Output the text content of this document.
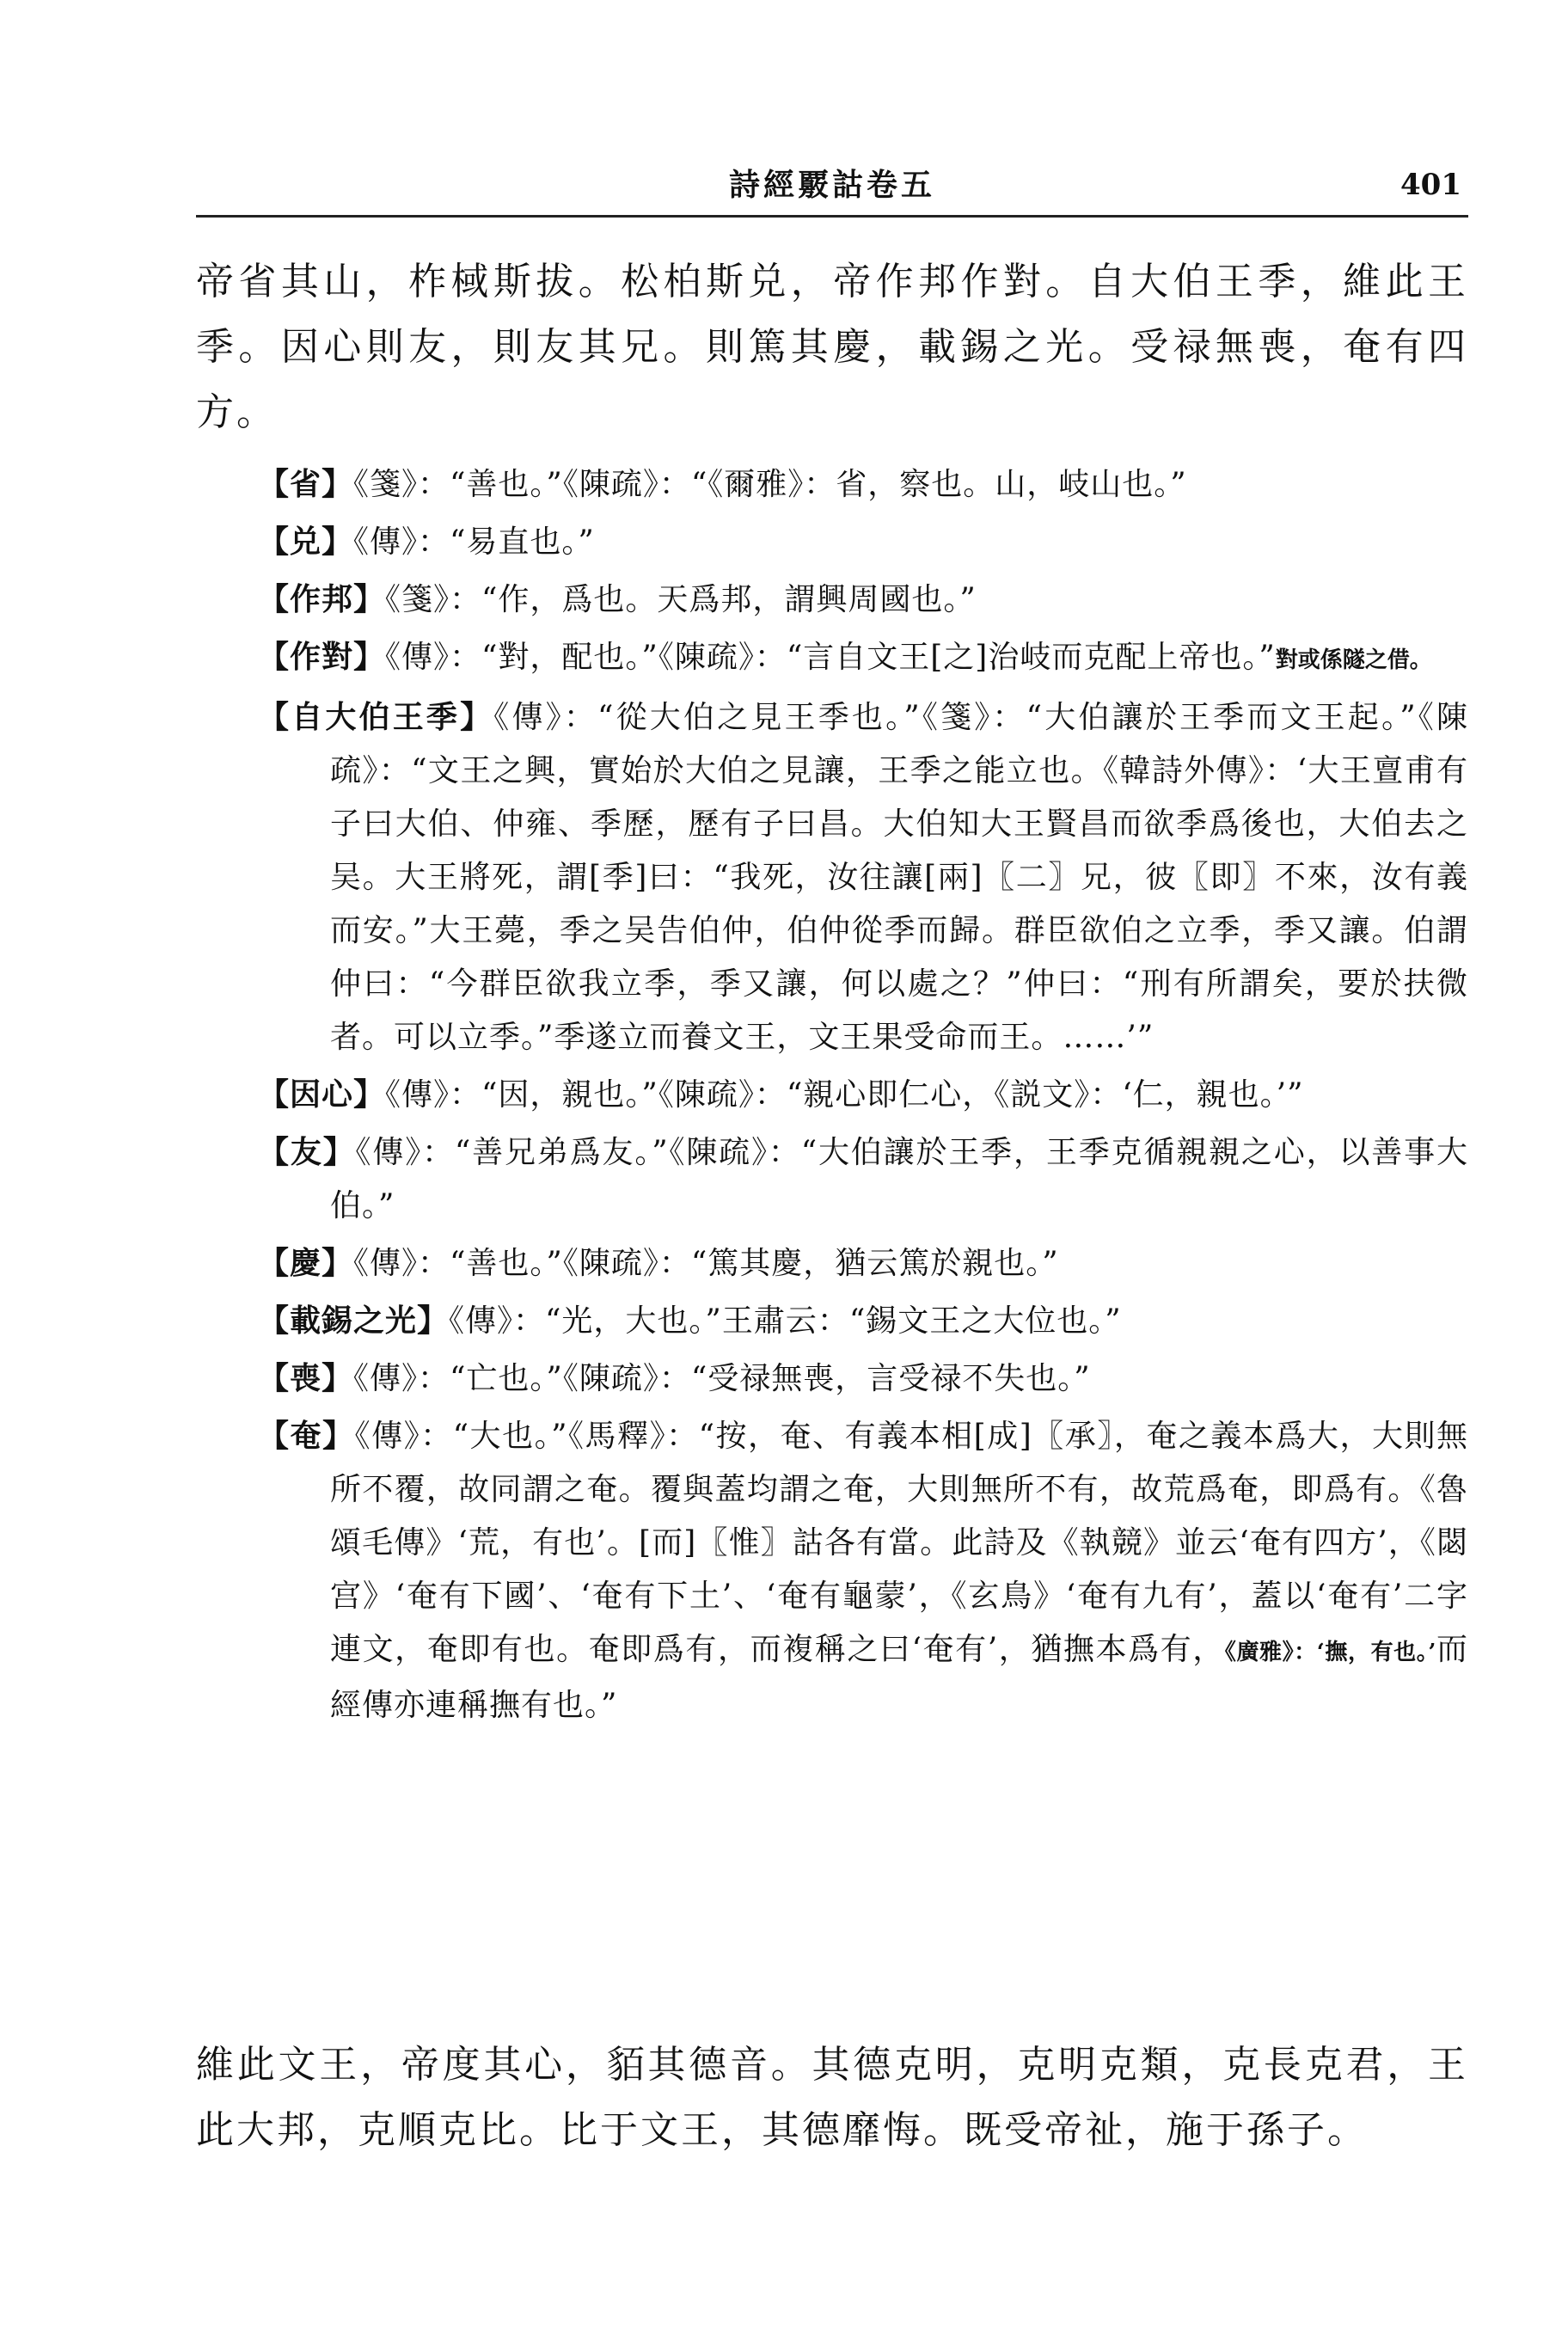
詩經覈詁卷五	401

帝省其山，柞棫斯拔。松柏斯兑，帝作邦作對。自大伯王季，維此王季。因心則友，則友其兄。則篤其慶，載錫之光。受禄無喪，奄有四方。

【省】《箋》：“善也。”《陳疏》：“《爾雅》：省，察也。山，岐山也。”

【兑】《傳》：“易直也。”

【作邦】《箋》：“作，爲也。天爲邦，謂興周國也。”

【作對】《傳》：“對，配也。”《陳疏》：“言自文王[之]治岐而克配上帝也。”對或係隧之借。

【自大伯王季】《傳》：“從大伯之見王季也。”《箋》：“大伯讓於王季而文王起。”《陳疏》：“文王之興，實始於大伯之見讓，王季之能立也。《韓詩外傳》：‘大王亶甫有子曰大伯、仲雍、季歷，歷有子曰昌。大伯知大王賢昌而欲季爲後也，大伯去之吴。大王將死，謂[季]曰：“我死，汝往讓[兩]〖二〗兄，彼〖即〗不來，汝有義而安。”大王薨，季之吴告伯仲，伯仲從季而歸。群臣欲伯之立季，季又讓。伯謂仲曰：“今群臣欲我立季，季又讓，何以處之？”仲曰：“刑有所謂矣，要於扶微者。可以立季。”季遂立而養文王，文王果受命而王。……’”

【因心】《傳》：“因，親也。”《陳疏》：“親心即仁心，《説文》：‘仁，親也。’”

【友】《傳》：“善兄弟爲友。”《陳疏》：“大伯讓於王季，王季克循親親之心，以善事大伯。”

【慶】《傳》：“善也。”《陳疏》：“篤其慶，猶云篤於親也。”

【載錫之光】《傳》：“光，大也。”王肅云：“錫文王之大位也。”

【喪】《傳》：“亡也。”《陳疏》：“受禄無喪，言受禄不失也。”

【奄】《傳》：“大也。”《馬釋》：“按，奄、有義本相[成]〖承〗，奄之義本爲大，大則無所不覆，故同謂之奄。覆與蓋均謂之奄，大則無所不有，故荒爲奄，即爲有。《魯頌毛傳》‘荒，有也’。[而]〖惟〗詁各有當。此詩及《執競》並云‘奄有四方’，《閟宫》‘奄有下國’、‘奄有下土’、‘奄有龜蒙’，《玄鳥》‘奄有九有’，蓋以‘奄有’二字連文，奄即有也。奄即爲有，而複稱之曰‘奄有’，猶撫本爲有，《廣雅》：‘撫，有也。’而經傳亦連稱撫有也。”

維此文王，帝度其心，貊其德音。其德克明，克明克類，克長克君，王此大邦，克順克比。比于文王，其德靡悔。既受帝祉，施于孫子。
